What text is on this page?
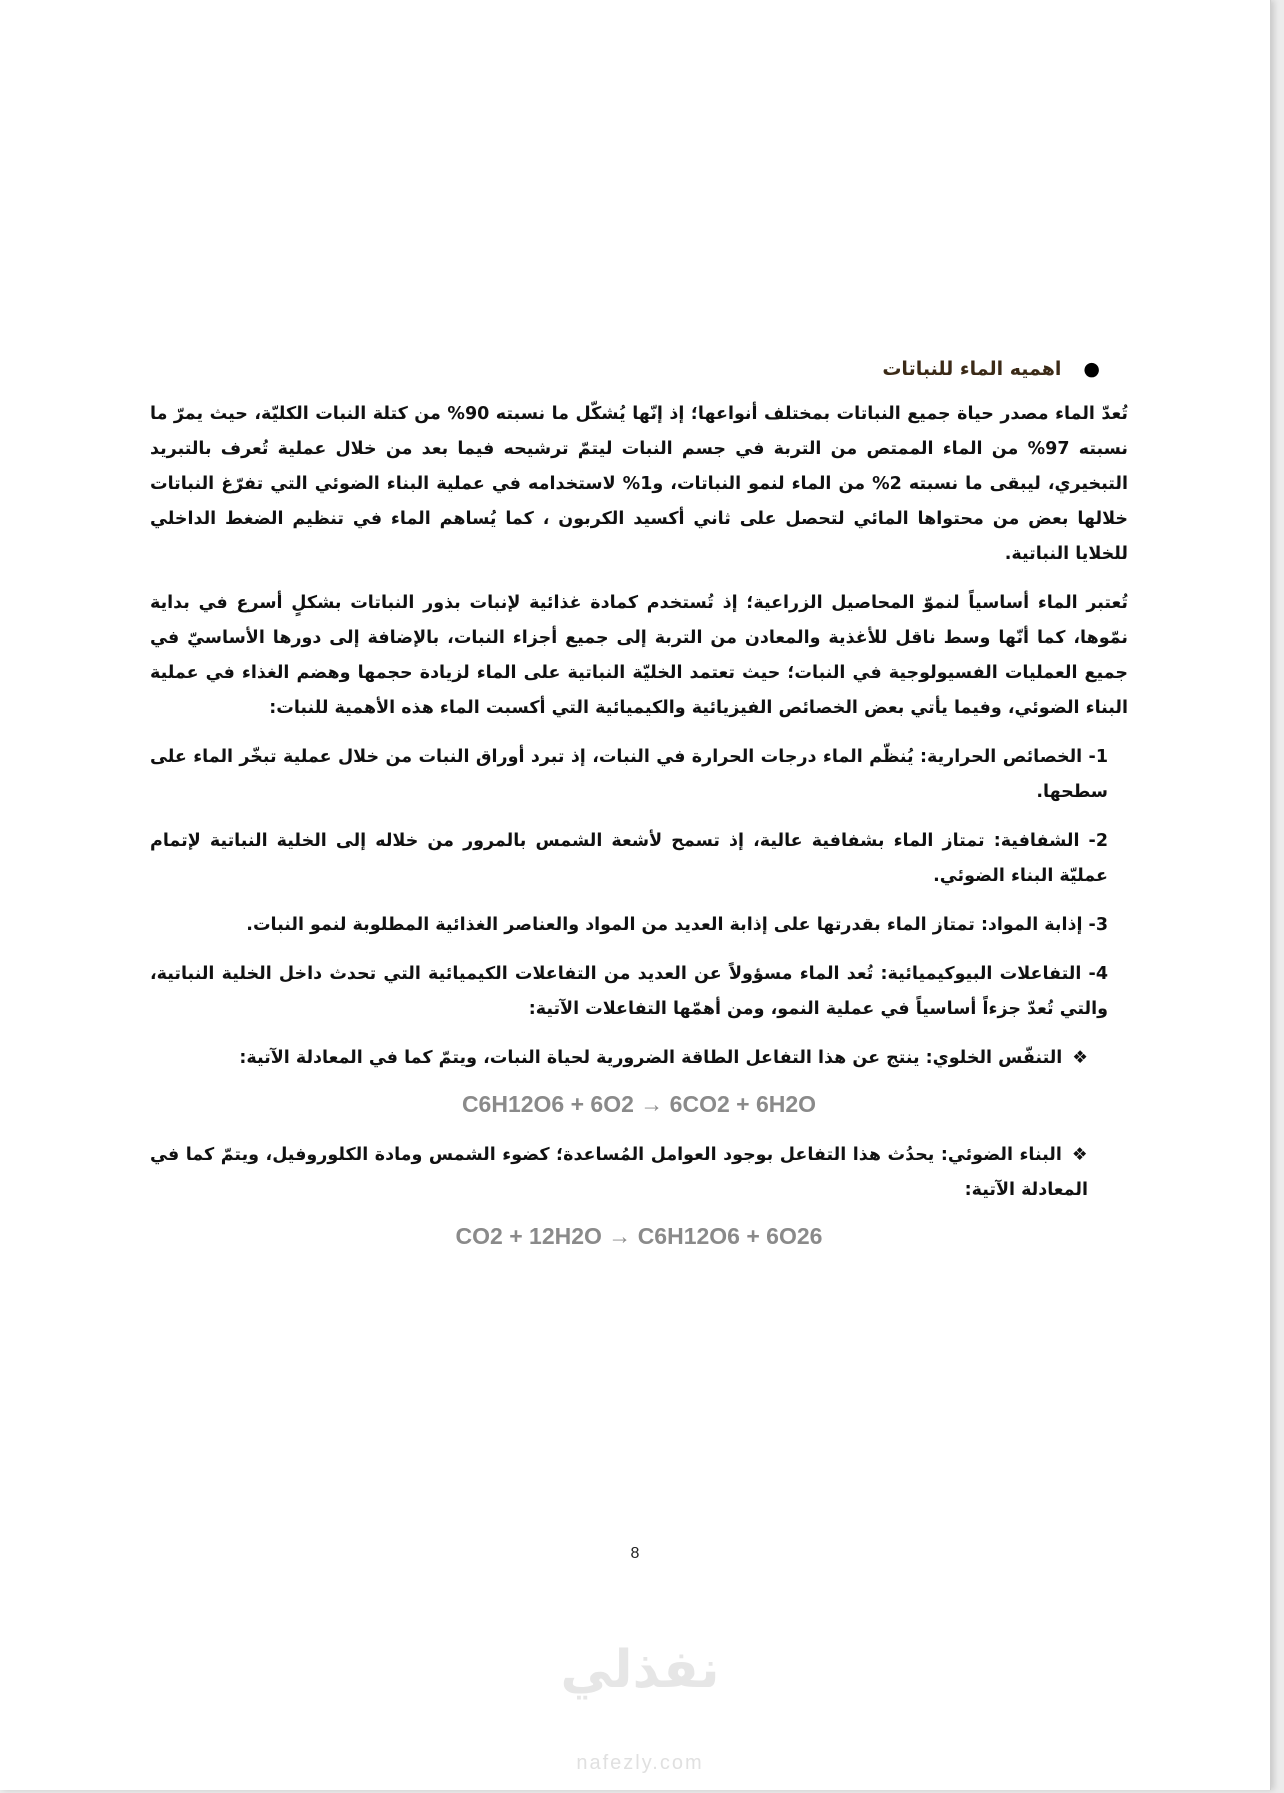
●اهميه الماء للنباتات

تُعدّ الماء مصدر حياة جميع النباتات بمختلف أنواعها؛ إذ إنّها يُشكّل ما نسبته 90% من كتلة النبات الكليّة، حيث يمرّ ما نسبته 97% من الماء الممتص من التربة في جسم النبات ليتمّ ترشيحه فيما بعد من خلال عملية تُعرف بالتبريد التبخيري، ليبقى ما نسبته 2% من الماء لنمو النباتات، و1% لاستخدامه في عملية البناء الضوئي التي تفرّغ النباتات خلالها بعض من محتواها المائي لتحصل على ثاني أكسيد الكربون ، كما يُساهم الماء في تنظيم الضغط الداخلي للخلايا النباتية.

تُعتبر الماء أساسياً لنموّ المحاصيل الزراعية؛ إذ تُستخدم كمادة غذائية لإنبات بذور النباتات بشكلٍ أسرع في بداية نمّوها، كما أنّها وسط ناقل للأغذية والمعادن من التربة إلى جميع أجزاء النبات، بالإضافة إلى دورها الأساسيّ في جميع العمليات الفسيولوجية في النبات؛ حيث تعتمد الخليّة النباتية على الماء لزيادة حجمها وهضم الغذاء في عملية البناء الضوئي، وفيما يأتي بعض الخصائص الفيزيائية والكيميائية التي أكسبت الماء هذه الأهمية للنبات:

1- الخصائص الحرارية: يُنظّم الماء درجات الحرارة في النبات، إذ تبرد أوراق النبات من خلال عملية تبخّر الماء على سطحها.

2- الشفافية: تمتاز الماء بشفافية عالية، إذ تسمح لأشعة الشمس بالمرور من خلاله إلى الخلية النباتية لإتمام عمليّة البناء الضوئي.

3- إذابة المواد: تمتاز الماء بقدرتها على إذابة العديد من المواد والعناصر الغذائية المطلوبة لنمو النبات.

4- التفاعلات البيوكيميائية: تُعد الماء مسؤولاً عن العديد من التفاعلات الكيميائية التي تحدث داخل الخلية النباتية، والتي تُعدّ جزءاً أساسياً في عملية النمو، ومن أهمّها التفاعلات الآتية:

❖التنفّس الخلوي: ينتج عن هذا التفاعل الطاقة الضرورية لحياة النبات، ويتمّ كما في المعادلة الآتية:

C6H12O6 + 6O2 → 6CO2 + 6H2O

❖البناء الضوئي: يحدُث هذا التفاعل بوجود العوامل المُساعدة؛ كضوء الشمس ومادة الكلوروفيل، ويتمّ كما في المعادلة الآتية:

CO2 + 12H2O → C6H12O6 + 6O26
8
نفذلي
nafezly.com
